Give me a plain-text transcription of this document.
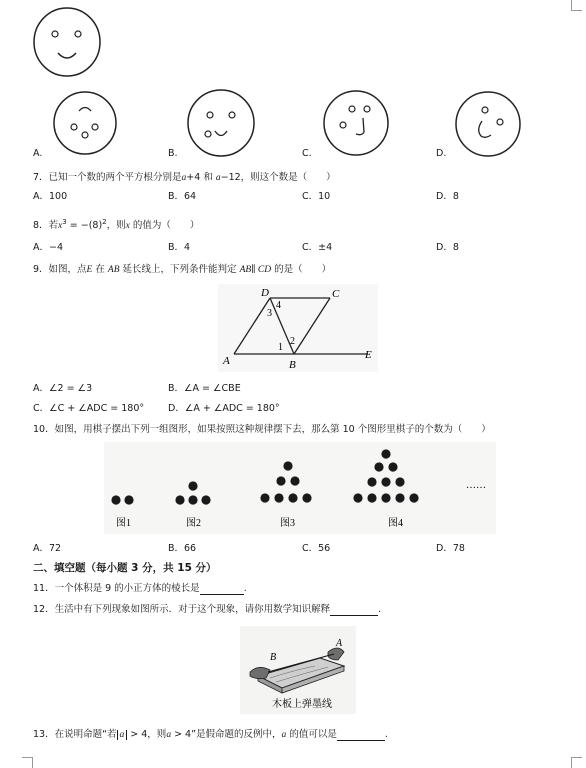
A.	B.	C.	D.
7．已知一个数的两个平方根分别是a+4 和 a−12，则这个数是（　　）
A．100	B．64	C．10	D．8
8．若$x^3 = -(8)^2$，则x 的值为（　　）
A．−4	B．4	C．±4	D．8
9．如图，点E 在 AB 延长线上，下列条件能判定 AB∥ CD 的是（　　）
D	C
A	B
E
1
2
3
4
A．∠2 = ∠3	B．∠A = ∠CBE
C．∠C + ∠ADC = 180°	D．∠A + ∠ADC = 180°
10．如图，用棋子摆出下列一组图形，如果按照这种规律摆下去，那么第 10 个图形里棋子的个数为（　　）
……
图1	图2	图3	图4
A．72	B．66	C．56	D．78
二、填空题（每小题 3 分，共 15 分）
11．一个体积是 9 的小正方体的棱长是	.
12．生活中有下列现象如图所示．对于这个现象，请你用数学知识解释	.
B
A
木板上弹墨线
13．在说明命题“若 a > 4，则a > 4”是假命题的反例中，a 的值可以是	.
